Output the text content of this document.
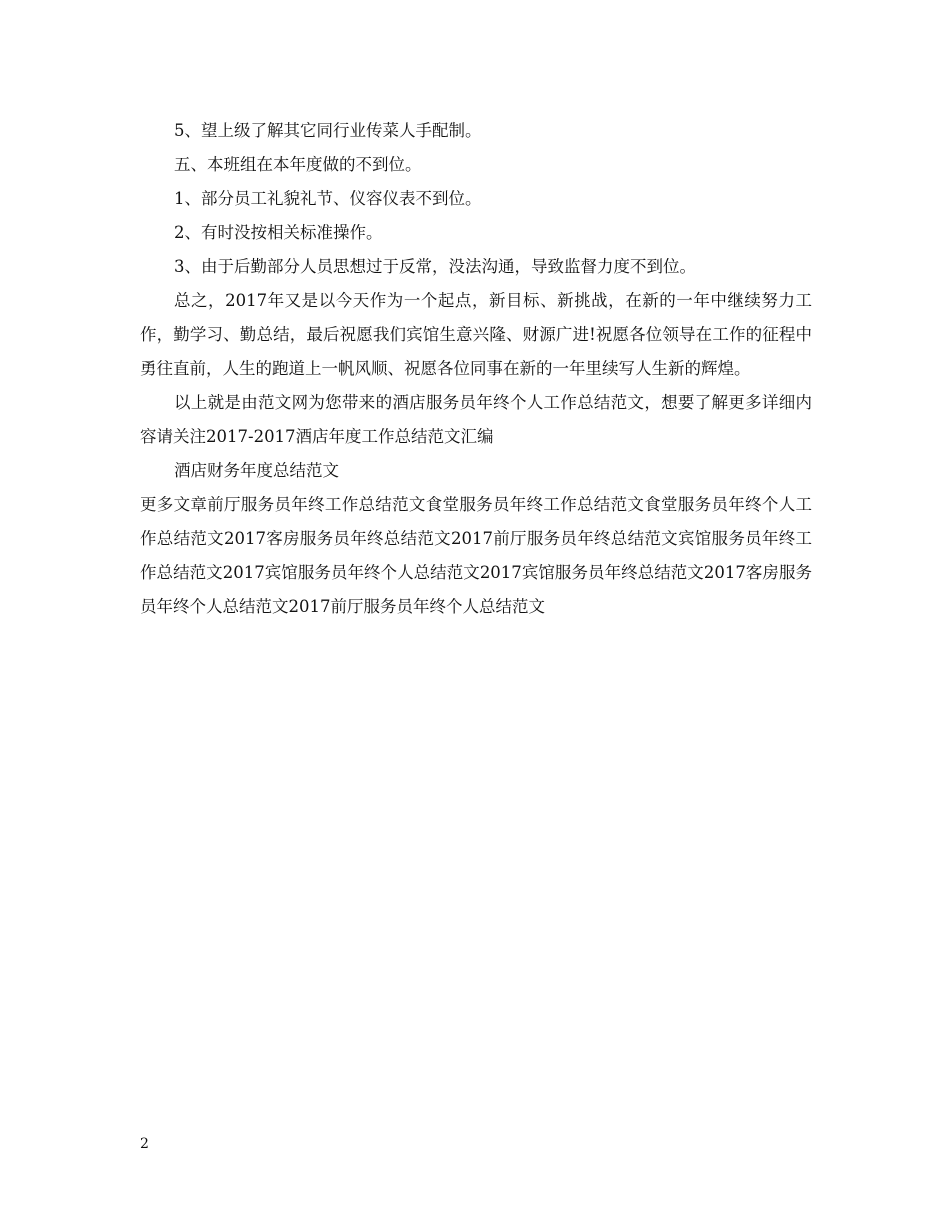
5、望上级了解其它同行业传菜人手配制。

五、本班组在本年度做的不到位。

1、部分员工礼貌礼节、仪容仪表不到位。

2、有时没按相关标准操作。

3、由于后勤部分人员思想过于反常，没法沟通，导致监督力度不到位。

总之，2017年又是以今天作为一个起点，新目标、新挑战，在新的一年中继续努力工作，勤学习、勤总结，最后祝愿我们宾馆生意兴隆、财源广进!祝愿各位领导在工作的征程中勇往直前，人生的跑道上一帆风顺、祝愿各位同事在新的一年里续写人生新的辉煌。

以上就是由范文网为您带来的酒店服务员年终个人工作总结范文，想要了解更多详细内容请关注2017-2017酒店年度工作总结范文汇编

酒店财务年度总结范文

更多文章前厅服务员年终工作总结范文食堂服务员年终工作总结范文食堂服务员年终个人工作总结范文2017客房服务员年终总结范文2017前厅服务员年终总结范文宾馆服务员年终工作总结范文2017宾馆服务员年终个人总结范文2017宾馆服务员年终总结范文2017客房服务员年终个人总结范文2017前厅服务员年终个人总结范文

2
